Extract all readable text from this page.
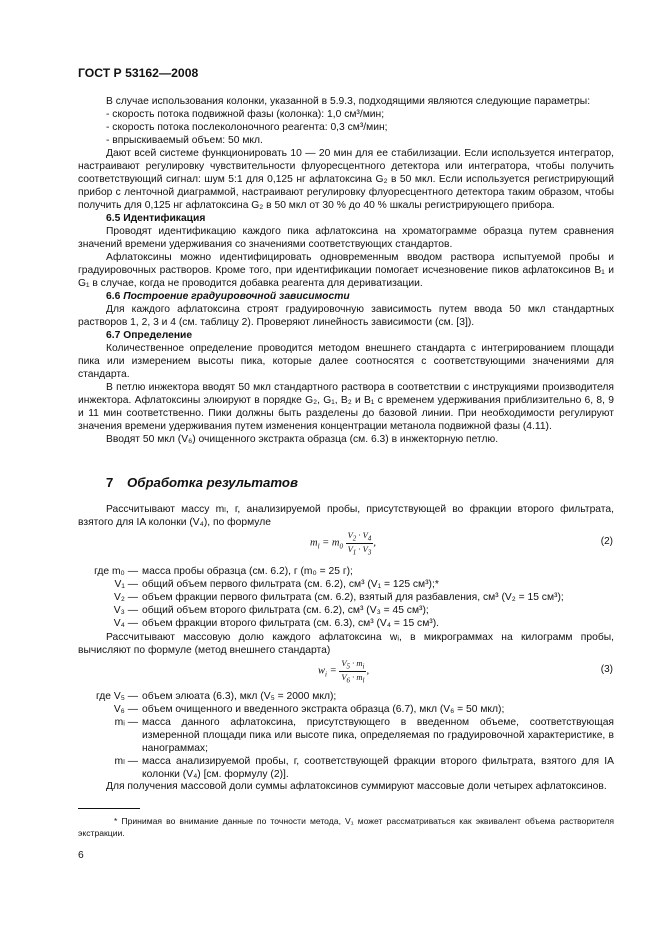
ГОСТ Р 53162—2008

В случае использования колонки, указанной в 5.9.3, подходящими являются следующие параметры:

- скорость потока подвижной фазы (колонка): 1,0 см³/мин;

- скорость потока послеколоночного реагента: 0,3 см³/мин;

- впрыскиваемый объем: 50 мкл.

Дают всей системе функционировать 10 — 20 мин для ее стабилизации. Если используется интегратор, настраивают регулировку чувствительности флуоресцентного детектора или интегратора, чтобы получить соответствующий сигнал: шум 5:1 для 0,125 нг афлатоксина G₂ в 50 мкл. Если используется регистрирующий прибор с ленточной диаграммой, настраивают регулировку флуоресцентного детектора таким образом, чтобы получить для 0,125 нг афлатоксина G₂ в 50 мкл от 30 % до 40 % шкалы регистрирующего прибора.

6.5 Идентификация

Проводят идентификацию каждого пика афлатоксина на хроматограмме образца путем сравнения значений времени удерживания со значениями соответствующих стандартов.

Афлатоксины можно идентифицировать одновременным вводом раствора испытуемой пробы и градуировочных растворов. Кроме того, при идентификации помогает исчезновение пиков афлатоксинов B₁ и G₁ в случае, когда не проводится добавка реагента для дериватизации.

6.6 Построение градуировочной зависимости

Для каждого афлатоксина строят градуировочную зависимость путем ввода 50 мкл стандартных растворов 1, 2, 3 и 4 (см. таблицу 2). Проверяют линейность зависимости (см. [3]).

6.7 Определение

Количественное определение проводится методом внешнего стандарта с интегрированием площади пика или измерением высоты пика, которые далее соотносятся с соответствующими значениями для стандарта.

В петлю инжектора вводят 50 мкл стандартного раствора в соответствии с инструкциями производителя инжектора. Афлатоксины элюируют в порядке G₂, G₁, B₂ и B₁ с временем удерживания приблизительно 6, 8, 9 и 11 мин соответственно. Пики должны быть разделены до базовой линии. При необходимости регулируют значения времени удерживания путем изменения концентрации метанола подвижной фазы (4.11).

Вводят 50 мкл (V₆) очищенного экстракта образца (см. 6.3) в инжекторную петлю.

7 Обработка результатов

Рассчитывают массу mₗ, г, анализируемой пробы, присутствующей во фракции второго фильтрата, взятого для IA колонки (V₄), по формуле

$m_l = m_0 \frac{V_2 \cdot V_4}{V_1 \cdot V_3}$ ,	(2)
где m₀ — масса пробы образца (см. 6.2), г (m₀ = 25 г);
V₁ — общий объем первого фильтрата (см. 6.2), см³ (V₁ = 125 см³);*
V₂ — объем фракции первого фильтрата (см. 6.2), взятый для разбавления, см³ (V₂ = 15 см³);
V₃ — общий объем второго фильтрата (см. 6.2), см³ (V₃ = 45 см³);
V₄ — объем фракции второго фильтрата (см. 6.3), см³ (V₄ = 15 см³).

Рассчитывают массовую долю каждого афлатоксина wᵢ, в микрограммах на килограмм пробы, вычисляют по формуле (метод внешнего стандарта)

$w_i = \frac{V_5 \cdot m_i}{V_6 \cdot m_l}$ ,	(3)
где V₅ — объем элюата (6.3), мкл (V₅ = 2000 мкл);
V₆ — объем очищенного и введенного экстракта образца (6.7), мкл (V₆ = 50 мкл);
mᵢ — масса данного афлатоксина, присутствующего в введенном объеме, соответствующая измеренной площади пика или высоте пика, определяемая по градуировочной характеристике, в нанограммах;
mₗ — масса анализируемой пробы, г, соответствующей фракции второго фильтрата, взятого для IA колонки (V₄) [см. формулу (2)].

Для получения массовой доли суммы афлатоксинов суммируют массовые доли четырех афлатоксинов.

* Принимая во внимание данные по точности метода, V₁ может рассматриваться как эквивалент объема растворителя экстракции.
6
